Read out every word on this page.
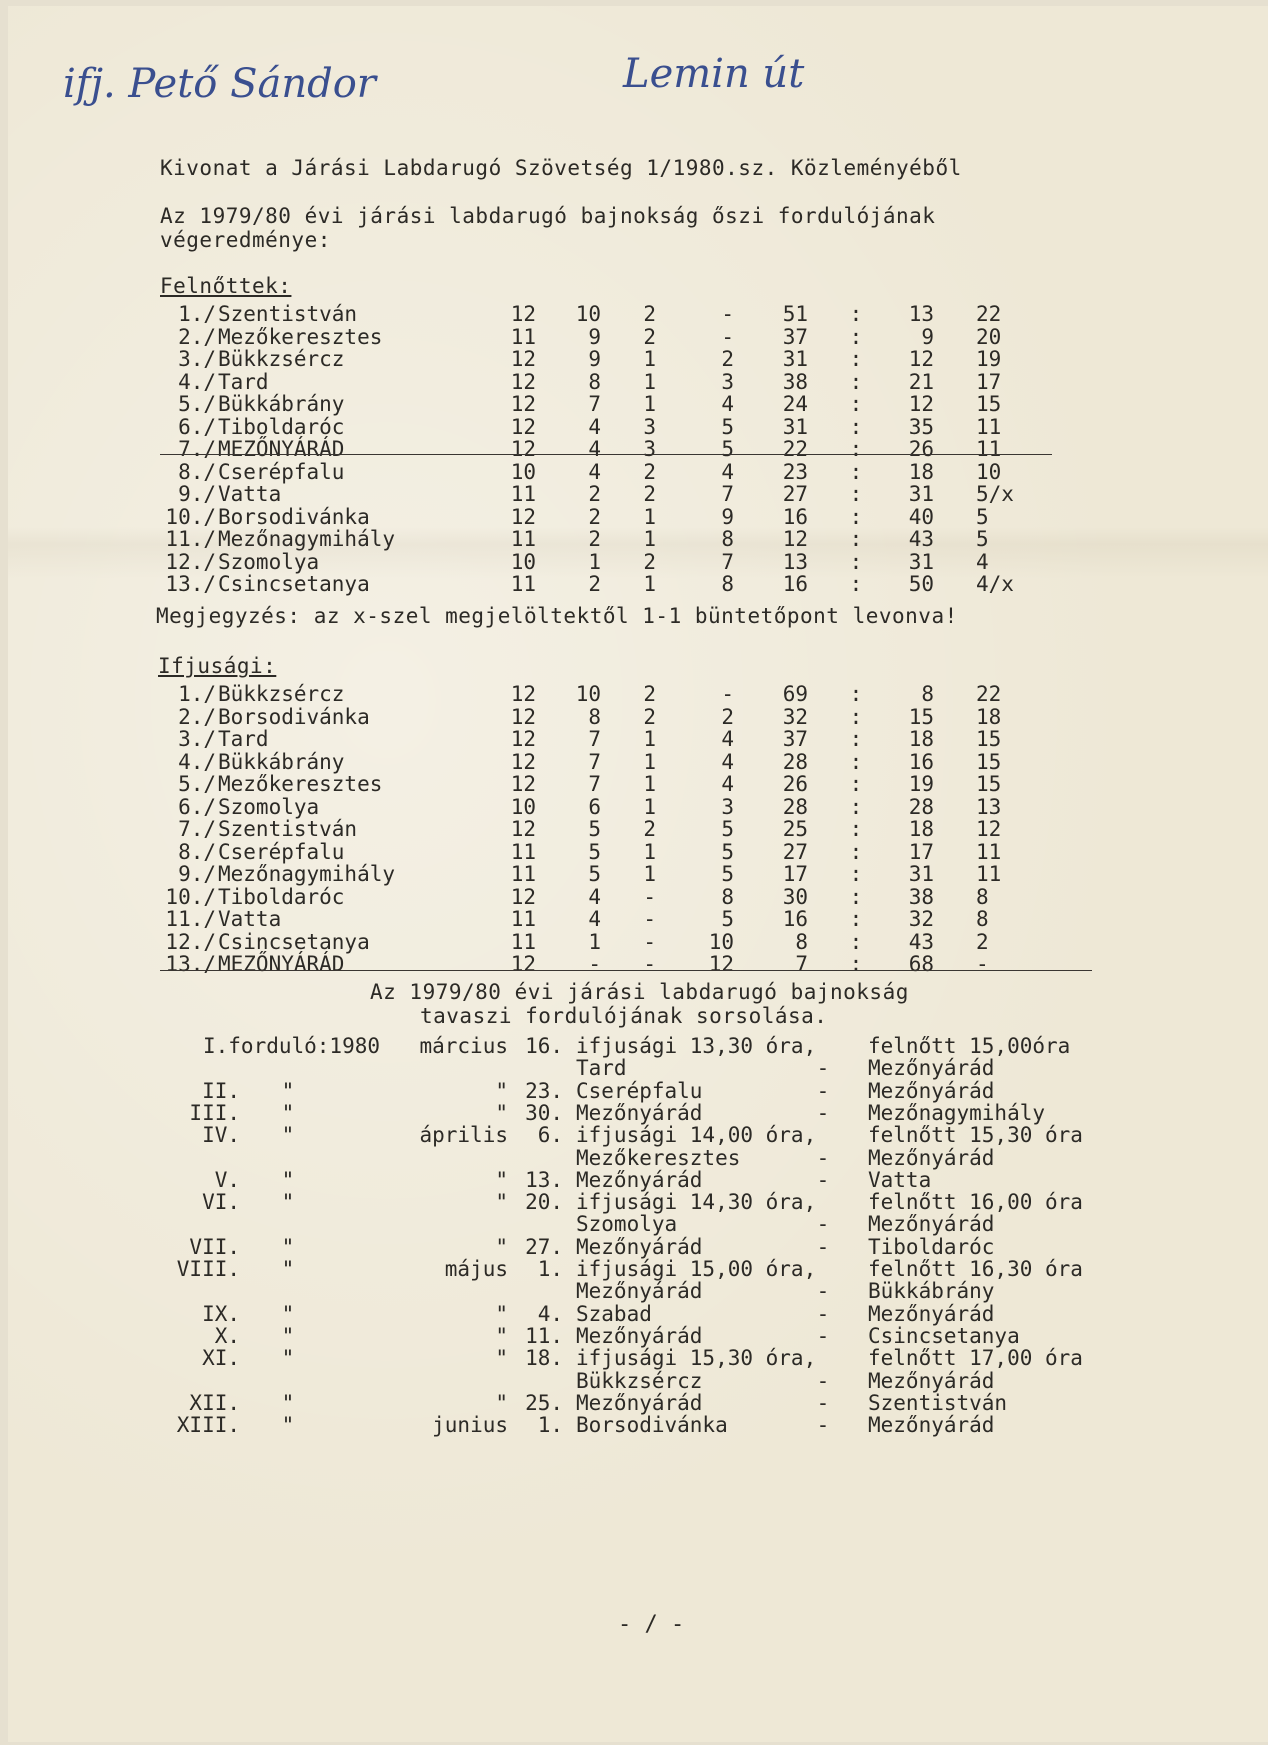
ifj. Pető Sándor	Lemin út
Kivonat a Járási Labdarugó Szövetség 1/1980.sz. Közleményéből
Az 1979/80 évi járási labdarugó bajnokság őszi fordulójának
végeredménye:
Felnőttek:
1./ Szentistván	12	10	2	-	51 :	13 22
2./ Mezőkeresztes	11	9	2	-	37 :	9 20
3./ Bükkzsércz	12	9	1	2	31 :	12 19
4./ Tard	12	8	1	3	38 :	21 17
5./ Bükkábrány	12	7	1	4	24 :	12 15
6./ Tiboldaróc	12	4	3	5	31 :	35 11
7./ MEZŐNYÁRÁD	12	4	3	5	22 :	26 11
8./ Cserépfalu	10	4	2	4	23 :	18 10
9./ Vatta	11	2	2	7	27 :	31 5/x
10./ Borsodivánka	12	2	1	9	16 :	40 5
11./ Mezőnagymihály	11	2	1	8	12 :	43 5
12./ Szomolya	10	1	2	7	13 :	31 4
13./ Csincsetanya	11	2	1	8	16 :	50 4/x
Megjegyzés: az x-szel megjelöltektől 1-1 büntetőpont levonva!
Ifjusági:
1./ Bükkzsércz	12	10	2	-	69 :	8 22
2./ Borsodivánka	12	8	2	2	32 :	15 18
3./ Tard	12	7	1	4	37 :	18 15
4./ Bükkábrány	12	7	1	4	28 :	16 15
5./ Mezőkeresztes	12	7	1	4	26 :	19 15
6./ Szomolya	10	6	1	3	28 :	28 13
7./ Szentistván	12	5	2	5	25 :	18 12
8./ Cserépfalu	11	5	1	5	27 :	17 11
9./ Mezőnagymihály	11	5	1	5	17 :	31 11
10./ Tiboldaróc	12	4	-	8	30 :	38 8
11./ Vatta	11	4	-	5	16 :	32 8
12./ Csincsetanya	11	1	-	10	8 :	43 2
13./ MEZŐNYÁRÁD	12	-	-	12	7 :	68 -
Az 1979/80 évi járási labdarugó bajnokság
tavaszi fordulójának sorsolása.
I.forduló:1980	március 16. ifjusági 13,30 óra,	felnőtt 15,00óra
Tard	-	Mezőnyárád
II. "	" 23. Cserépfalu	-	Mezőnyárád
III. "	" 30. Mezőnyárád	-	Mezőnagymihály
IV. "	április	6. ifjusági 14,00 óra,	felnőtt 15,30 óra
Mezőkeresztes	-	Mezőnyárád
V. "	" 13. Mezőnyárád	-	Vatta
VI. "	" 20. ifjusági 14,30 óra,	felnőtt 16,00 óra
Szomolya	-	Mezőnyárád
VII. "	" 27. Mezőnyárád	-	Tiboldaróc
VIII. "	május	1. ifjusági 15,00 óra,	felnőtt 16,30 óra
Mezőnyárád	-	Bükkábrány
IX. "	"	4. Szabad	-	Mezőnyárád
X. "	" 11. Mezőnyárád	-	Csincsetanya
XI. "	" 18. ifjusági 15,30 óra,	felnőtt 17,00 óra
Bükkzsércz	-	Mezőnyárád
XII. "	" 25. Mezőnyárád	-	Szentistván
XIII. "	junius	1. Borsodivánka	-	Mezőnyárád
- / -
